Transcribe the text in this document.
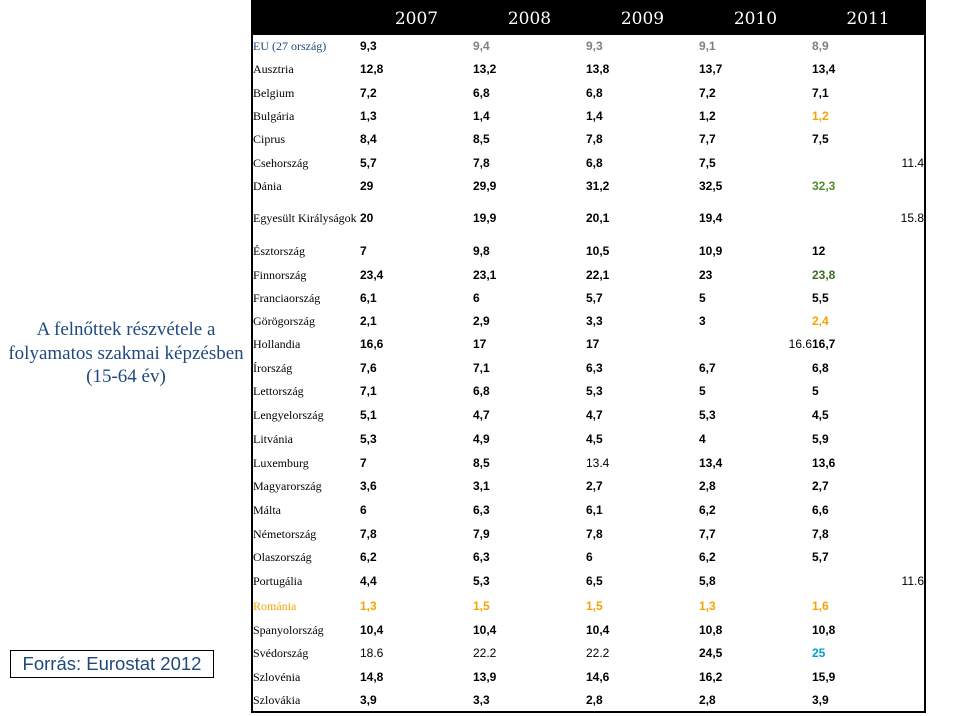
A felnőttek részvétele a folyamatos szakmai képzésben (15-64 év)
Forrás: Eurostat 2012
	2007	2008	2009	2010	2011
EU (27 ország)	9,3	9,4	9,3	9,1	8,9
Ausztria	12,8	13,2	13,8	13,7	13,4
Belgium	7,2	6,8	6,8	7,2	7,1
Bulgária	1,3	1,4	1,4	1,2	1,2
Ciprus	8,4	8,5	7,8	7,7	7,5
Csehország	5,7	7,8	6,8	7,5	11.4
Dánia	29	29,9	31,2	32,5	32,3
Egyesült Királyságok	20	19,9	20,1	19,4	15.8
Észtország	7	9,8	10,5	10,9	12
Finnország	23,4	23,1	22,1	23	23,8
Franciaország	6,1	6	5,7	5	5,5
Görögország	2,1	2,9	3,3	3	2,4
Hollandia	16,6	17	17	16.6	16,7
Írország	7,6	7,1	6,3	6,7	6,8
Lettország	7,1	6,8	5,3	5	5
Lengyelország	5,1	4,7	4,7	5,3	4,5
Litvánia	5,3	4,9	4,5	4	5,9
Luxemburg	7	8,5	13.4	13,4	13,6
Magyarország	3,6	3,1	2,7	2,8	2,7
Málta	6	6,3	6,1	6,2	6,6
Németország	7,8	7,9	7,8	7,7	7,8
Olaszország	6,2	6,3	6	6,2	5,7
Portugália	4,4	5,3	6,5	5,8	11.6
Románia	1,3	1,5	1,5	1,3	1,6
Spanyolország	10,4	10,4	10,4	10,8	10,8
Svédország	18.6	22.2	22.2	24,5	25
Szlovénia	14,8	13,9	14,6	16,2	15,9
Szlovákia	3,9	3,3	2,8	2,8	3,9
